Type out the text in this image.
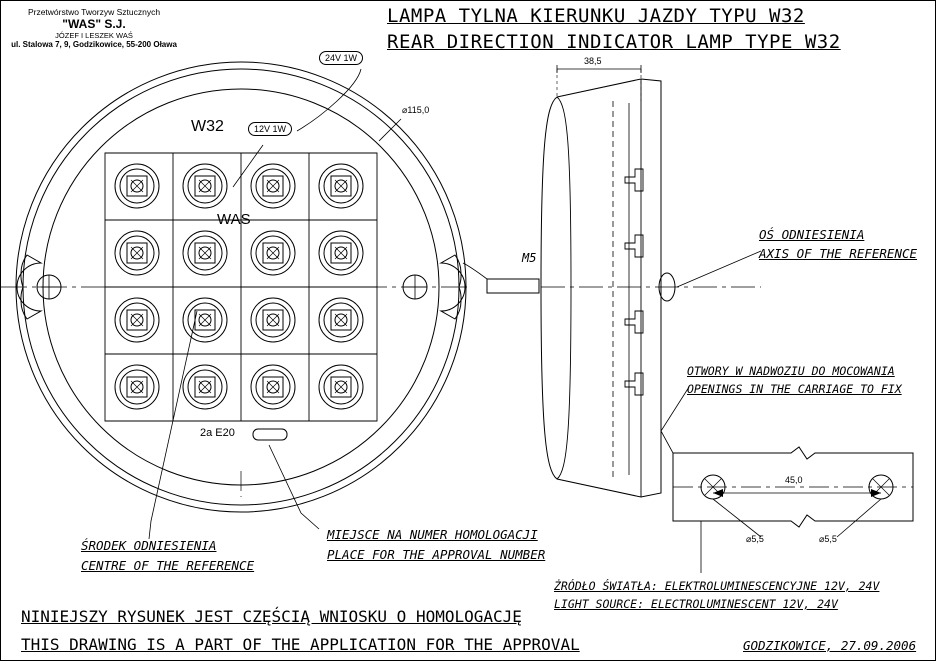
Przetwórstwo Tworzyw Sztucznych
"WAS" S.J.
JÓZEF I LESZEK WAŚ
ul. Stalowa 7, 9, Godzikowice, 55-200 Oława
LAMPA TYLNA KIERUNKU JAZDY TYPU W32
REAR DIRECTION INDICATOR LAMP TYPE W32
W32
WAS
24V 1W
12V 1W
2a E20
⌀115,0
38,5
M5
OŚ ODNIESIENIA
AXIS OF THE REFERENCE
OTWORY W NADWOZIU DO MOCOWANIA
OPENINGS IN THE CARRIAGE TO FIX
45,0
⌀5,5	⌀5,5
ŚRODEK ODNIESIENIA
CENTRE OF THE REFERENCE
MIEJSCE NA NUMER HOMOLOGACJI
PLACE FOR THE APPROVAL NUMBER
ŻRÓDŁO ŚWIATŁA: ELEKTROLUMINESCENCYJNE 12V, 24V
LIGHT SOURCE: ELECTROLUMINESCENT 12V, 24V
NINIEJSZY RYSUNEK JEST CZĘŚCIĄ WNIOSKU O HOMOLOGACJĘ
THIS DRAWING IS A PART OF THE APPLICATION FOR THE APPROVAL	GODZIKOWICE, 27.09.2006
